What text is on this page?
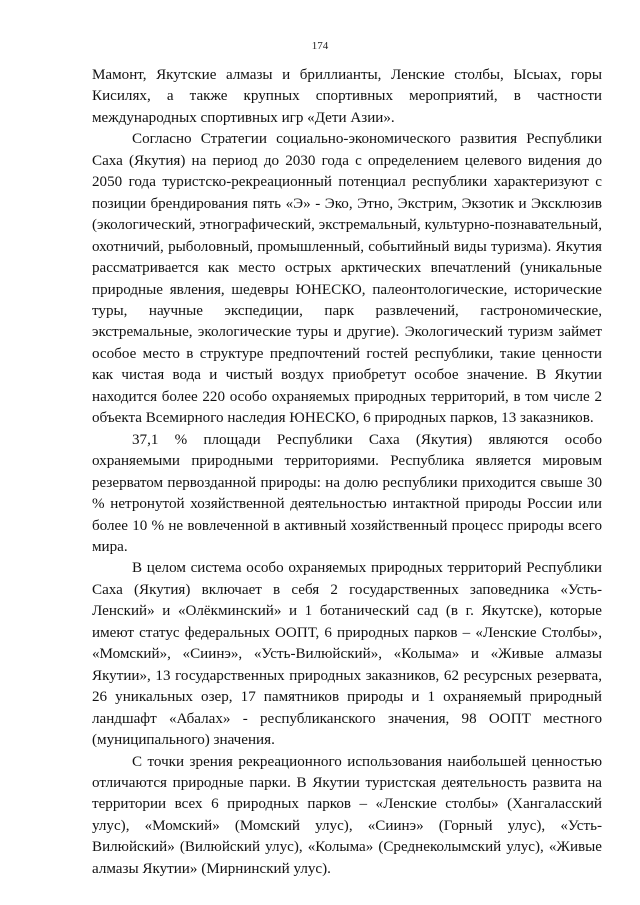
174

Мамонт, Якутские алмазы и бриллианты, Ленские столбы, Ысыах, горы Кисилях, а также крупных спортивных мероприятий, в частности международных спортивных игр «Дети Азии».

Согласно Стратегии социально-экономического развития Республики Саха (Якутия) на период до 2030 года с определением целевого видения до 2050 года туристско-рекреационный потенциал республики характеризуют с позиции брендирования пять «Э» - Эко, Этно, Экстрим, Экзотик и Эксклюзив (экологический, этнографический, экстремальный, культурно-познавательный, охотничий, рыболовный, промышленный, событийный виды туризма). Якутия рассматривается как место острых арктических впечатлений (уникальные природные явления, шедевры ЮНЕСКО, палеонтологические, исторические туры, научные экспедиции, парк развлечений, гастрономические, экстремальные, экологические туры и другие). Экологический туризм займет особое место в структуре предпочтений гостей республики, такие ценности как чистая вода и чистый воздух приобретут особое значение. В Якутии находится более 220 особо охраняемых природных территорий, в том числе 2 объекта Всемирного наследия ЮНЕСКО, 6 природных парков, 13 заказников.

37,1 % площади Республики Саха (Якутия) являются особо охраняемыми природными территориями. Республика является мировым резерватом первозданной природы: на долю республики приходится свыше 30 % нетронутой хозяйственной деятельностью интактной природы России или более 10 % не вовлеченной в активный хозяйственный процесс природы всего мира.

В целом система особо охраняемых природных территорий Республики Саха (Якутия) включает в себя 2 государственных заповедника «Усть-Ленский» и «Олёкминский» и 1 ботанический сад (в г. Якутске), которые имеют статус федеральных ООПТ, 6 природных парков – «Ленские Столбы», «Момский», «Сиинэ», «Усть-Вилюйский», «Колыма» и «Живые алмазы Якутии», 13 государственных природных заказников, 62 ресурсных резервата, 26 уникальных озер, 17 памятников природы и 1 охраняемый природный ландшафт «Абалах» - республиканского значения, 98 ООПТ местного (муниципального) значения.

С точки зрения рекреационного использования наибольшей ценностью отличаются природные парки. В Якутии туристская деятельность развита на территории всех 6 природных парков – «Ленские столбы» (Хангаласский улус), «Момский» (Момский улус), «Сиинэ» (Горный улус), «Усть-Вилюйский» (Вилюйский улус), «Колыма» (Среднеколымский улус), «Живые алмазы Якутии» (Мирнинский улус).
